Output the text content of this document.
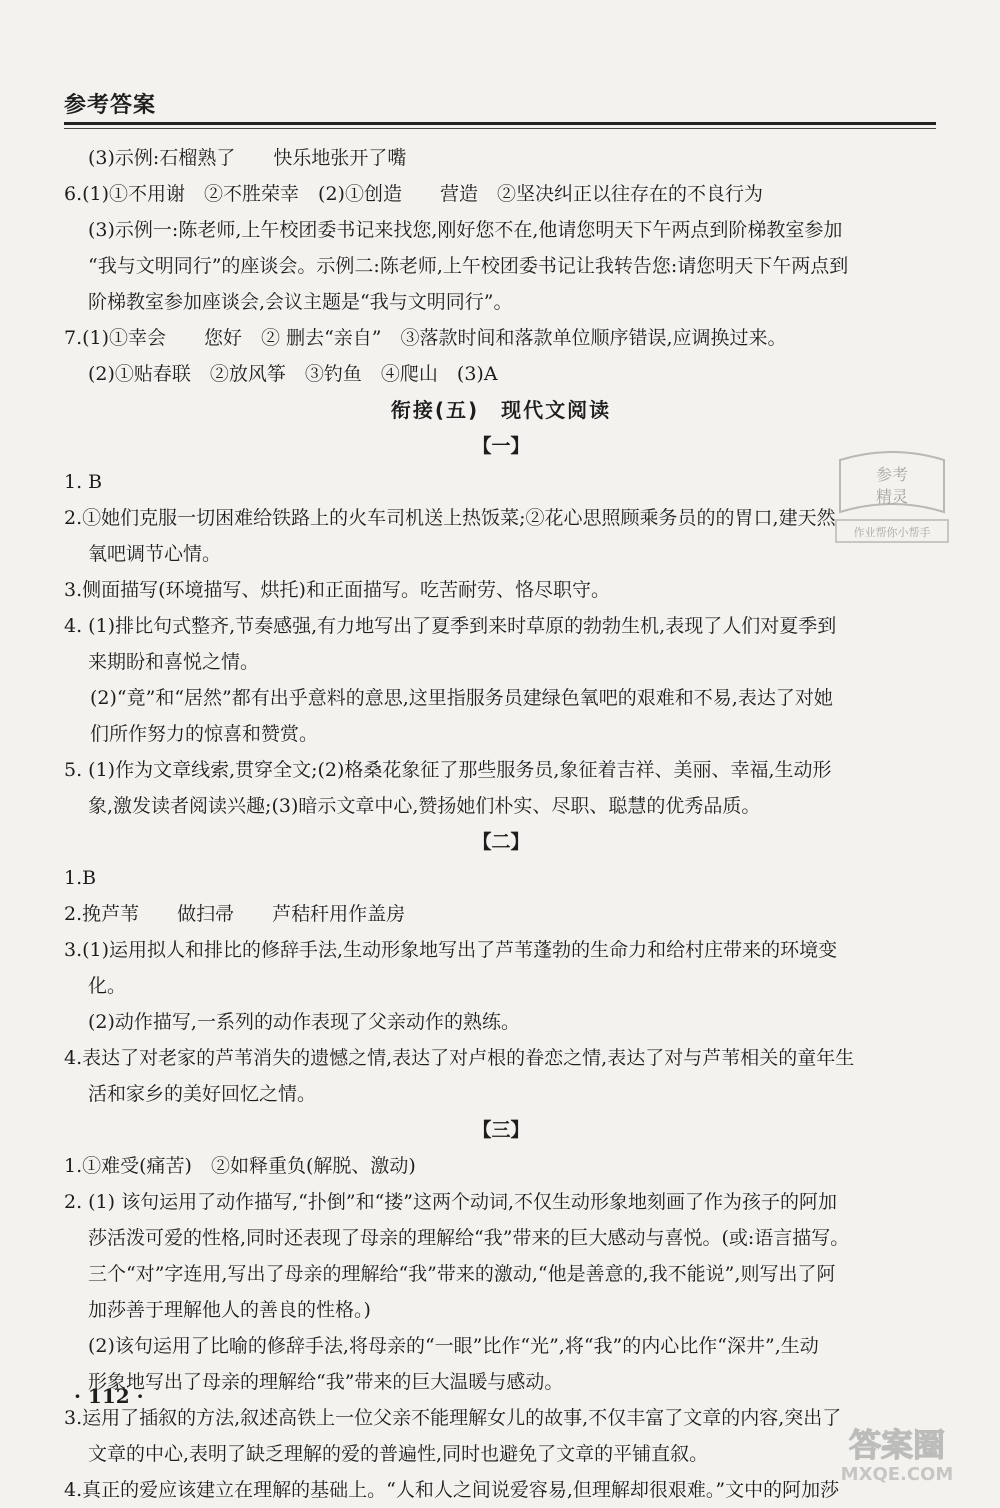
参考答案

(3)示例:石榴熟了　　快乐地张开了嘴

6.(1)①不用谢　②不胜荣幸　(2)①创造　　营造　②坚决纠正以往存在的不良行为

(3)示例一:陈老师,上午校团委书记来找您,刚好您不在,他请您明天下午两点到阶梯教室参加

“我与文明同行”的座谈会。示例二:陈老师,上午校团委书记让我转告您:请您明天下午两点到

阶梯教室参加座谈会,会议主题是“我与文明同行”。

7.(1)①幸会　　您好　② 删去“亲自”　③落款时间和落款单位顺序错误,应调换过来。

(2)①贴春联　②放风筝　③钓鱼　④爬山　(3)A

衔接(五)　现代文阅读

【一】

1. B

2.①她们克服一切困难给铁路上的火车司机送上热饭菜;②花心思照顾乘务员的的胃口,建天然

氧吧调节心情。

3.侧面描写(环境描写、烘托)和正面描写。吃苦耐劳、恪尽职守。

4. (1)排比句式整齐,节奏感强,有力地写出了夏季到来时草原的勃勃生机,表现了人们对夏季到

来期盼和喜悦之情。

(2)“竟”和“居然”都有出乎意料的意思,这里指服务员建绿色氧吧的艰难和不易,表达了对她

们所作努力的惊喜和赞赏。

5. (1)作为文章线索,贯穿全文;(2)格桑花象征了那些服务员,象征着吉祥、美丽、幸福,生动形

象,激发读者阅读兴趣;(3)暗示文章中心,赞扬她们朴实、尽职、聪慧的优秀品质。

【二】

1.B

2.挽芦苇　　做扫帚　　芦秸秆用作盖房

3.(1)运用拟人和排比的修辞手法,生动形象地写出了芦苇蓬勃的生命力和给村庄带来的环境变

化。

(2)动作描写,一系列的动作表现了父亲动作的熟练。

4.表达了对老家的芦苇消失的遗憾之情,表达了对卢根的眷恋之情,表达了对与芦苇相关的童年生

活和家乡的美好回忆之情。

【三】

1.①难受(痛苦)　②如释重负(解脱、激动)

2. (1) 该句运用了动作描写,“扑倒”和“搂”这两个动词,不仅生动形象地刻画了作为孩子的阿加

莎活泼可爱的性格,同时还表现了母亲的理解给“我”带来的巨大感动与喜悦。(或:语言描写。

三个“对”字连用,写出了母亲的理解给“我”带来的激动,“他是善意的,我不能说”,则写出了阿

加莎善于理解他人的善良的性格。)

(2)该句运用了比喻的修辞手法,将母亲的“一眼”比作“光”,将“我”的内心比作“深井”,生动

形象地写出了母亲的理解给“我”带来的巨大温暖与感动。

3.运用了插叙的方法,叙述高铁上一位父亲不能理解女儿的故事,不仅丰富了文章的内容,突出了

文章的中心,表明了缺乏理解的爱的普遍性,同时也避免了文章的平铺直叙。

4.真正的爱应该建立在理解的基础上。“人和人之间说爱容易,但理解却很艰难。”文中的阿加莎

· 112 ·
参考
精灵
作业帮你小帮手
答案圈
MXQE.COM
